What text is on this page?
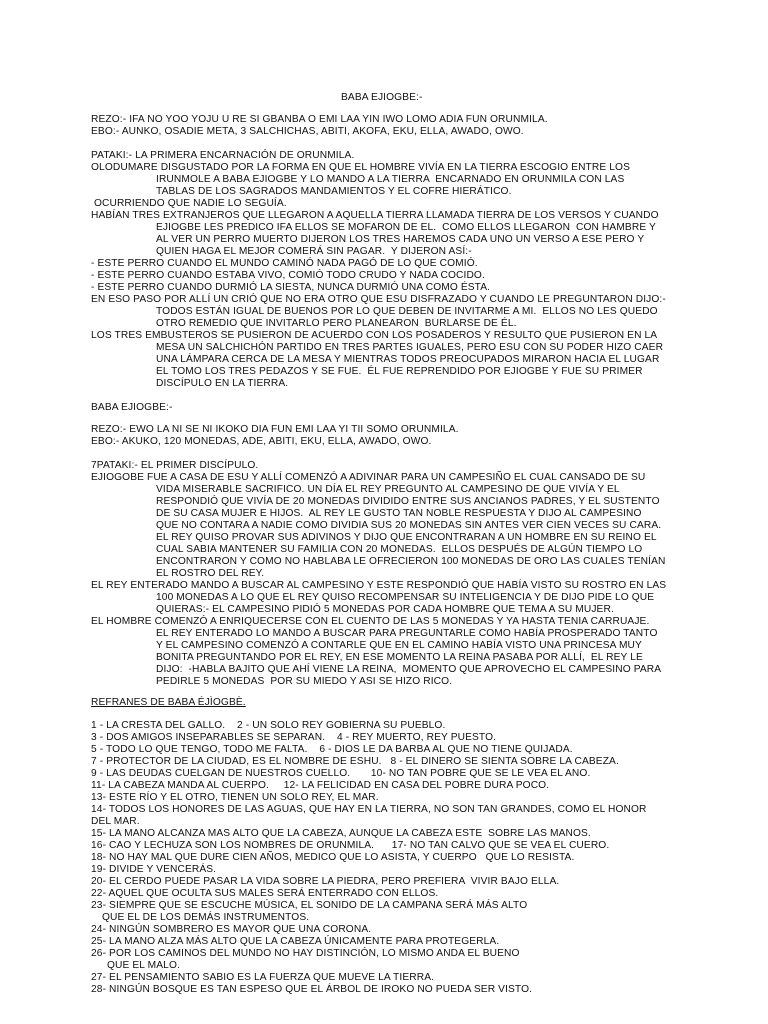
BABA EJIOGBE:-
REZO:- IFA NO YOO YOJU U RE SI GBANBA O EMI LAA YIN IWO LOMO ADIA FUN ORUNMILA.
EBO:- AUNKO, OSADIE META, 3 SALCHICHAS, ABITI, AKOFA, EKU, ELLA, AWADO, OWO.
PATAKI:- LA PRIMERA ENCARNACIÓN DE ORUNMILA.
OLODUMARE DISGUSTADO POR LA FORMA EN QUE EL HOMBRE VIVÍA EN LA TIERRA ESCOGIO ENTRE LOS
IRUNMOLE A BABA EJIOGBE Y LO MANDO A LA TIERRA  ENCARNADO EN ORUNMILA CON LAS
TABLAS DE LOS SAGRADOS MANDAMIENTOS Y EL COFRE HIERÁTICO.
OCURRIENDO QUE NADIE LO SEGUÍA.
HABÍAN TRES EXTRANJEROS QUE LLEGARON A AQUELLA TIERRA LLAMADA TIERRA DE LOS VERSOS Y CUANDO
EJIOGBE LES PREDICO IFA ELLOS SE MOFARON DE EL.  COMO ELLOS LLEGARON  CON HAMBRE Y
AL VER UN PERRO MUERTO DIJERON LOS TRES HAREMOS CADA UNO UN VERSO A ESE PERO Y
QUIEN HAGA EL MEJOR COMERÁ SIN PAGAR.  Y DIJERON ASÍ:-
- ESTE PERRO CUANDO EL MUNDO CAMINÓ NADA PAGÓ DE LO QUE COMIÓ.
- ESTE PERRO CUANDO ESTABA VIVO, COMIÓ TODO CRUDO Y NADA COCIDO.
- ESTE PERRO CUANDO DURMIÓ LA SIESTA, NUNCA DURMIÓ UNA COMO ÉSTA.
EN ESO PASO POR ALLÍ UN CRIÓ QUE NO ERA OTRO QUE ESU DISFRAZADO Y CUANDO LE PREGUNTARON DIJO:-
TODOS ESTÁN IGUAL DE BUENOS POR LO QUE DEBEN DE INVITARME A MI.  ELLOS NO LES QUEDO
OTRO REMEDIO QUE INVITARLO PERO PLANEARON  BURLARSE DE ÉL.
LOS TRES EMBUSTEROS SE PUSIERON DE ACUERDO CON LOS POSADEROS Y RESULTO QUE PUSIERON EN LA
MESA UN SALCHICHÓN PARTIDO EN TRES PARTES IGUALES, PERO ESU CON SU PODER HIZO CAER
UNA LÁMPARA CERCA DE LA MESA Y MIENTRAS TODOS PREOCUPADOS MIRARON HACIA EL LUGAR
EL TOMO LOS TRES PEDAZOS Y SE FUE.  ÉL FUE REPRENDIDO POR EJIOGBE Y FUE SU PRIMER
DISCÍPULO EN LA TIERRA.
BABA EJIOGBE:-
REZO:- EWO LA NI SE NI IKOKO DIA FUN EMI LAA YI TII SOMO ORUNMILA.
EBO:- AKUKO, 120 MONEDAS, ADE, ABITI, EKU, ELLA, AWADO, OWO.
7PATAKI:- EL PRIMER DISCÍPULO.
EJIOGOBE FUE A CASA DE ESU Y ALLÍ COMENZÓ A ADIVINAR PARA UN CAMPESIÑO EL CUAL CANSADO DE SU
VIDA MISERABLE SACRIFICO. UN DÍA EL REY PREGUNTO AL CAMPESINO DE QUE VIVÍA Y EL
RESPONDIÓ QUE VIVÍA DE 20 MONEDAS DIVIDIDO ENTRE SUS ANCIANOS PADRES, Y EL SUSTENTO
DE SU CASA MUJER E HIJOS.  AL REY LE GUSTO TAN NOBLE RESPUESTA Y DIJO AL CAMPESINO
QUE NO CONTARA A NADIE COMO DIVIDIA SUS 20 MONEDAS SIN ANTES VER CIEN VECES SU CARA.
EL REY QUISO PROVAR SUS ADIVINOS Y DIJO QUE ENCONTRARAN A UN HOMBRE EN SU REINO EL
CUAL SABIA MANTENER SU FAMILIA CON 20 MONEDAS.  ELLOS DESPUÉS DE ALGÚN TIEMPO LO
ENCONTRARON Y COMO NO HABLABA LE OFRECIERON 100 MONEDAS DE ORO LAS CUALES TENÍAN
EL ROSTRO DEL REY.
EL REY ENTERADO MANDO A BUSCAR AL CAMPESINO Y ESTE RESPONDIÓ QUE HABÍA VISTO SU ROSTRO EN LAS
100 MONEDAS A LO QUE EL REY QUISO RECOMPENSAR SU INTELIGENCIA Y DE DIJO PIDE LO QUE
QUIERAS:- EL CAMPESINO PIDIÓ 5 MONEDAS POR CADA HOMBRE QUE TEMA A SU MUJER.
EL HOMBRE COMENZÓ A ENRIQUECERSE CON EL CUENTO DE LAS 5 MONEDAS Y YA HASTA TENIA CARRUAJE.
EL REY ENTERADO LO MANDO A BUSCAR PARA PREGUNTARLE COMO HABÍA PROSPERADO TANTO
Y EL CAMPESINO COMENZÓ A CONTARLE QUE EN EL CAMINO HABÍA VISTO UNA PRINCESA MUY
BONITA PREGUNTANDO POR EL REY, EN ESE MOMENTO LA REINA PASABA POR ALLÍ,  EL REY LE
DIJO:  -HABLA BAJITO QUE AHÍ VIENE LA REINA,  MOMENTO QUE APROVECHO EL CAMPESINO PARA
PEDIRLE 5 MONEDAS  POR SU MIEDO Y ASI SE HIZO RICO.
REFRANES DE BABA ÉJÌOGBÈ.
1 - LA CRESTA DEL GALLO.    2 - UN SOLO REY GOBIERNA SU PUEBLO.
3 - DOS AMIGOS INSEPARABLES SE SEPARAN.    4 - REY MUERTO, REY PUESTO.
5 - TODO LO QUE TENGO, TODO ME FALTA.    6 - DIOS LE DA BARBA AL QUE NO TIENE QUIJADA.
7 - PROTECTOR DE LA CIUDAD, ES EL NOMBRE DE ESHU.   8 - EL DINERO SE SIENTA SOBRE LA CABEZA.
9 - LAS DEUDAS CUELGAN DE NUESTROS CUELLO.       10- NO TAN POBRE QUE SE LE VEA EL ANO.
11- LA CABEZA MANDA AL CUERPO.     12- LA FELICIDAD EN CASA DEL POBRE DURA POCO.
13- ESTE RÍO Y EL OTRO, TIENEN UN SOLO REY, EL MAR.
14- TODOS LOS HONORES DE LAS AGUAS, QUE HAY EN LA TIERRA, NO SON TAN GRANDES, COMO EL HONOR
DEL MAR.
15- LA MANO ALCANZA MAS ALTO QUE LA CABEZA, AUNQUE LA CABEZA ESTE  SOBRE LAS MANOS.
16- CAO Y LECHUZA SON LOS NOMBRES DE ORUNMILA.      17- NO TAN CALVO QUE SE VEA EL CUERO.
18- NO HAY MAL QUE DURE CIEN AÑOS, MEDICO QUE LO ASISTA, Y CUERPO   QUE LO RESISTA.
19- DIVIDE Y VENCERÁS.
20- EL CERDO PUEDE PASAR LA VIDA SOBRE LA PIEDRA, PERO PREFIERA  VIVIR BAJO ELLA.
22- AQUEL QUE OCULTA SUS MALES SERÁ ENTERRADO CON ELLOS.
23- SIEMPRE QUE SE ESCUCHE MÚSICA, EL SONIDO DE LA CAMPANA SERÁ MÁS ALTO
QUE EL DE LOS DEMÁS INSTRUMENTOS.
24- NINGÚN SOMBRERO ES MAYOR QUE UNA CORONA.
25- LA MANO ALZA MÁS ALTO QUE LA CABEZA ÚNICAMENTE PARA PROTEGERLA.
26- POR LOS CAMINOS DEL MUNDO NO HAY DISTINCIÓN, LO MISMO ANDA EL BUENO
QUE EL MALO.
27- EL PENSAMIENTO SABIO ES LA FUERZA QUE MUEVE LA TIERRA.
28- NINGÚN BOSQUE ES TAN ESPESO QUE EL ÁRBOL DE IROKO NO PUEDA SER VISTO.
